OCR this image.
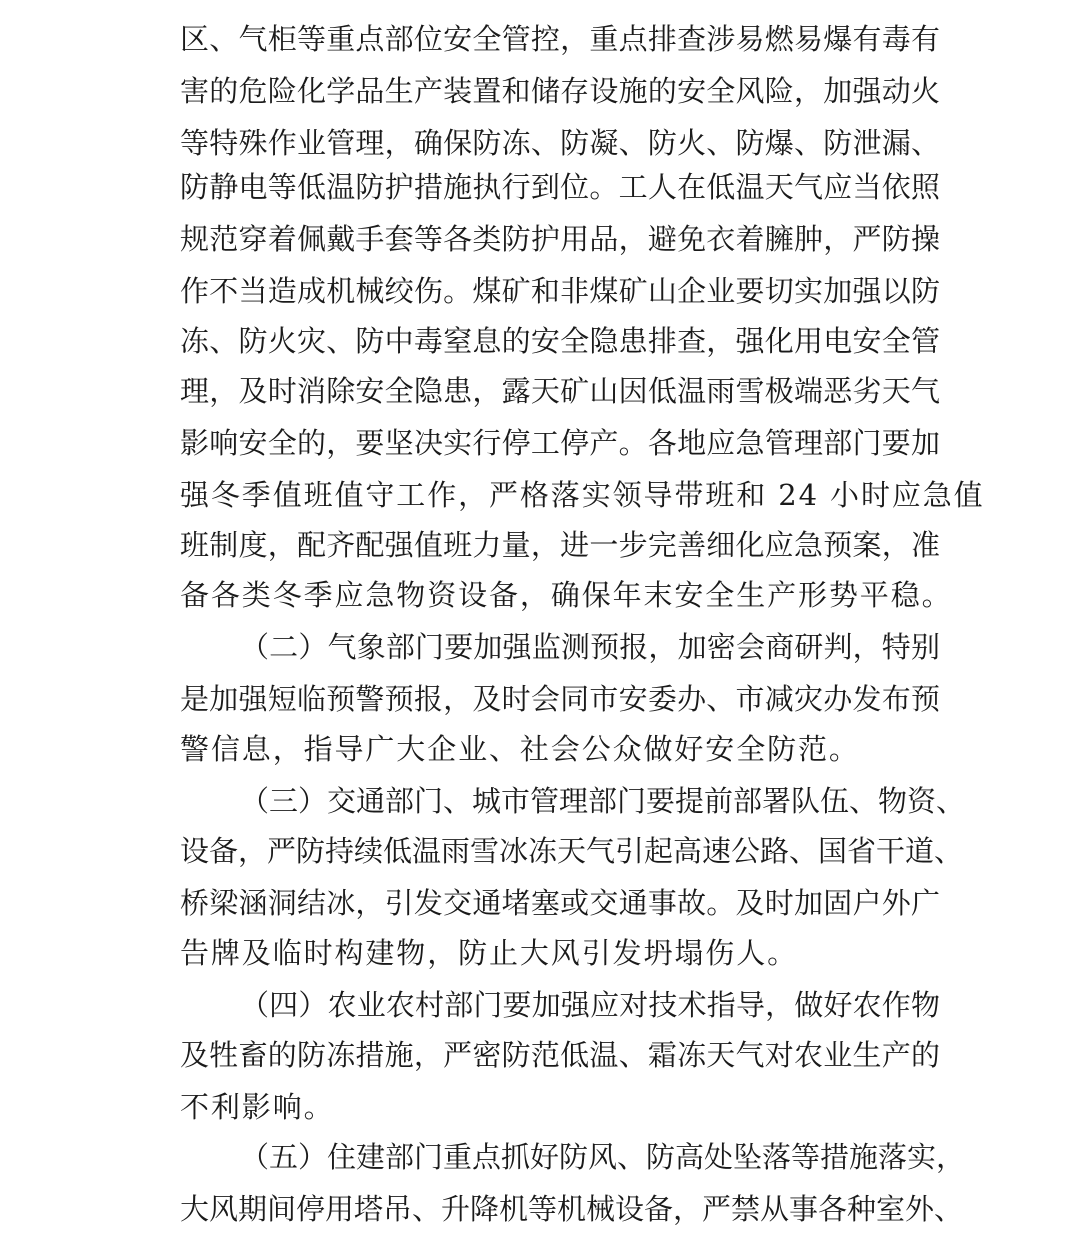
区、气柜等重点部位安全管控，重点排查涉易燃易爆有毒有
害的危险化学品生产装置和储存设施的安全风险，加强动火
等特殊作业管理，确保防冻、防凝、防火、防爆、防泄漏、
防静电等低温防护措施执行到位。工人在低温天气应当依照
规范穿着佩戴手套等各类防护用品，避免衣着臃肿，严防操
作不当造成机械绞伤。煤矿和非煤矿山企业要切实加强以防
冻、防火灾、防中毒窒息的安全隐患排查，强化用电安全管
理，及时消除安全隐患，露天矿山因低温雨雪极端恶劣天气
影响安全的，要坚决实行停工停产。各地应急管理部门要加
强冬季值班值守工作，严格落实领导带班和 24 小时应急值
班制度，配齐配强值班力量，进一步完善细化应急预案，准
备各类冬季应急物资设备，确保年末安全生产形势平稳。
（二）气象部门要加强监测预报，加密会商研判，特别
是加强短临预警预报，及时会同市安委办、市减灾办发布预
警信息，指导广大企业、社会公众做好安全防范。
（三）交通部门、城市管理部门要提前部署队伍、物资、
设备，严防持续低温雨雪冰冻天气引起高速公路、国省干道、
桥梁涵洞结冰，引发交通堵塞或交通事故。及时加固户外广
告牌及临时构建物，防止大风引发坍塌伤人。
（四）农业农村部门要加强应对技术指导，做好农作物
及牲畜的防冻措施，严密防范低温、霜冻天气对农业生产的
不利影响。
（五）住建部门重点抓好防风、防高处坠落等措施落实，
大风期间停用塔吊、升降机等机械设备，严禁从事各种室外、
